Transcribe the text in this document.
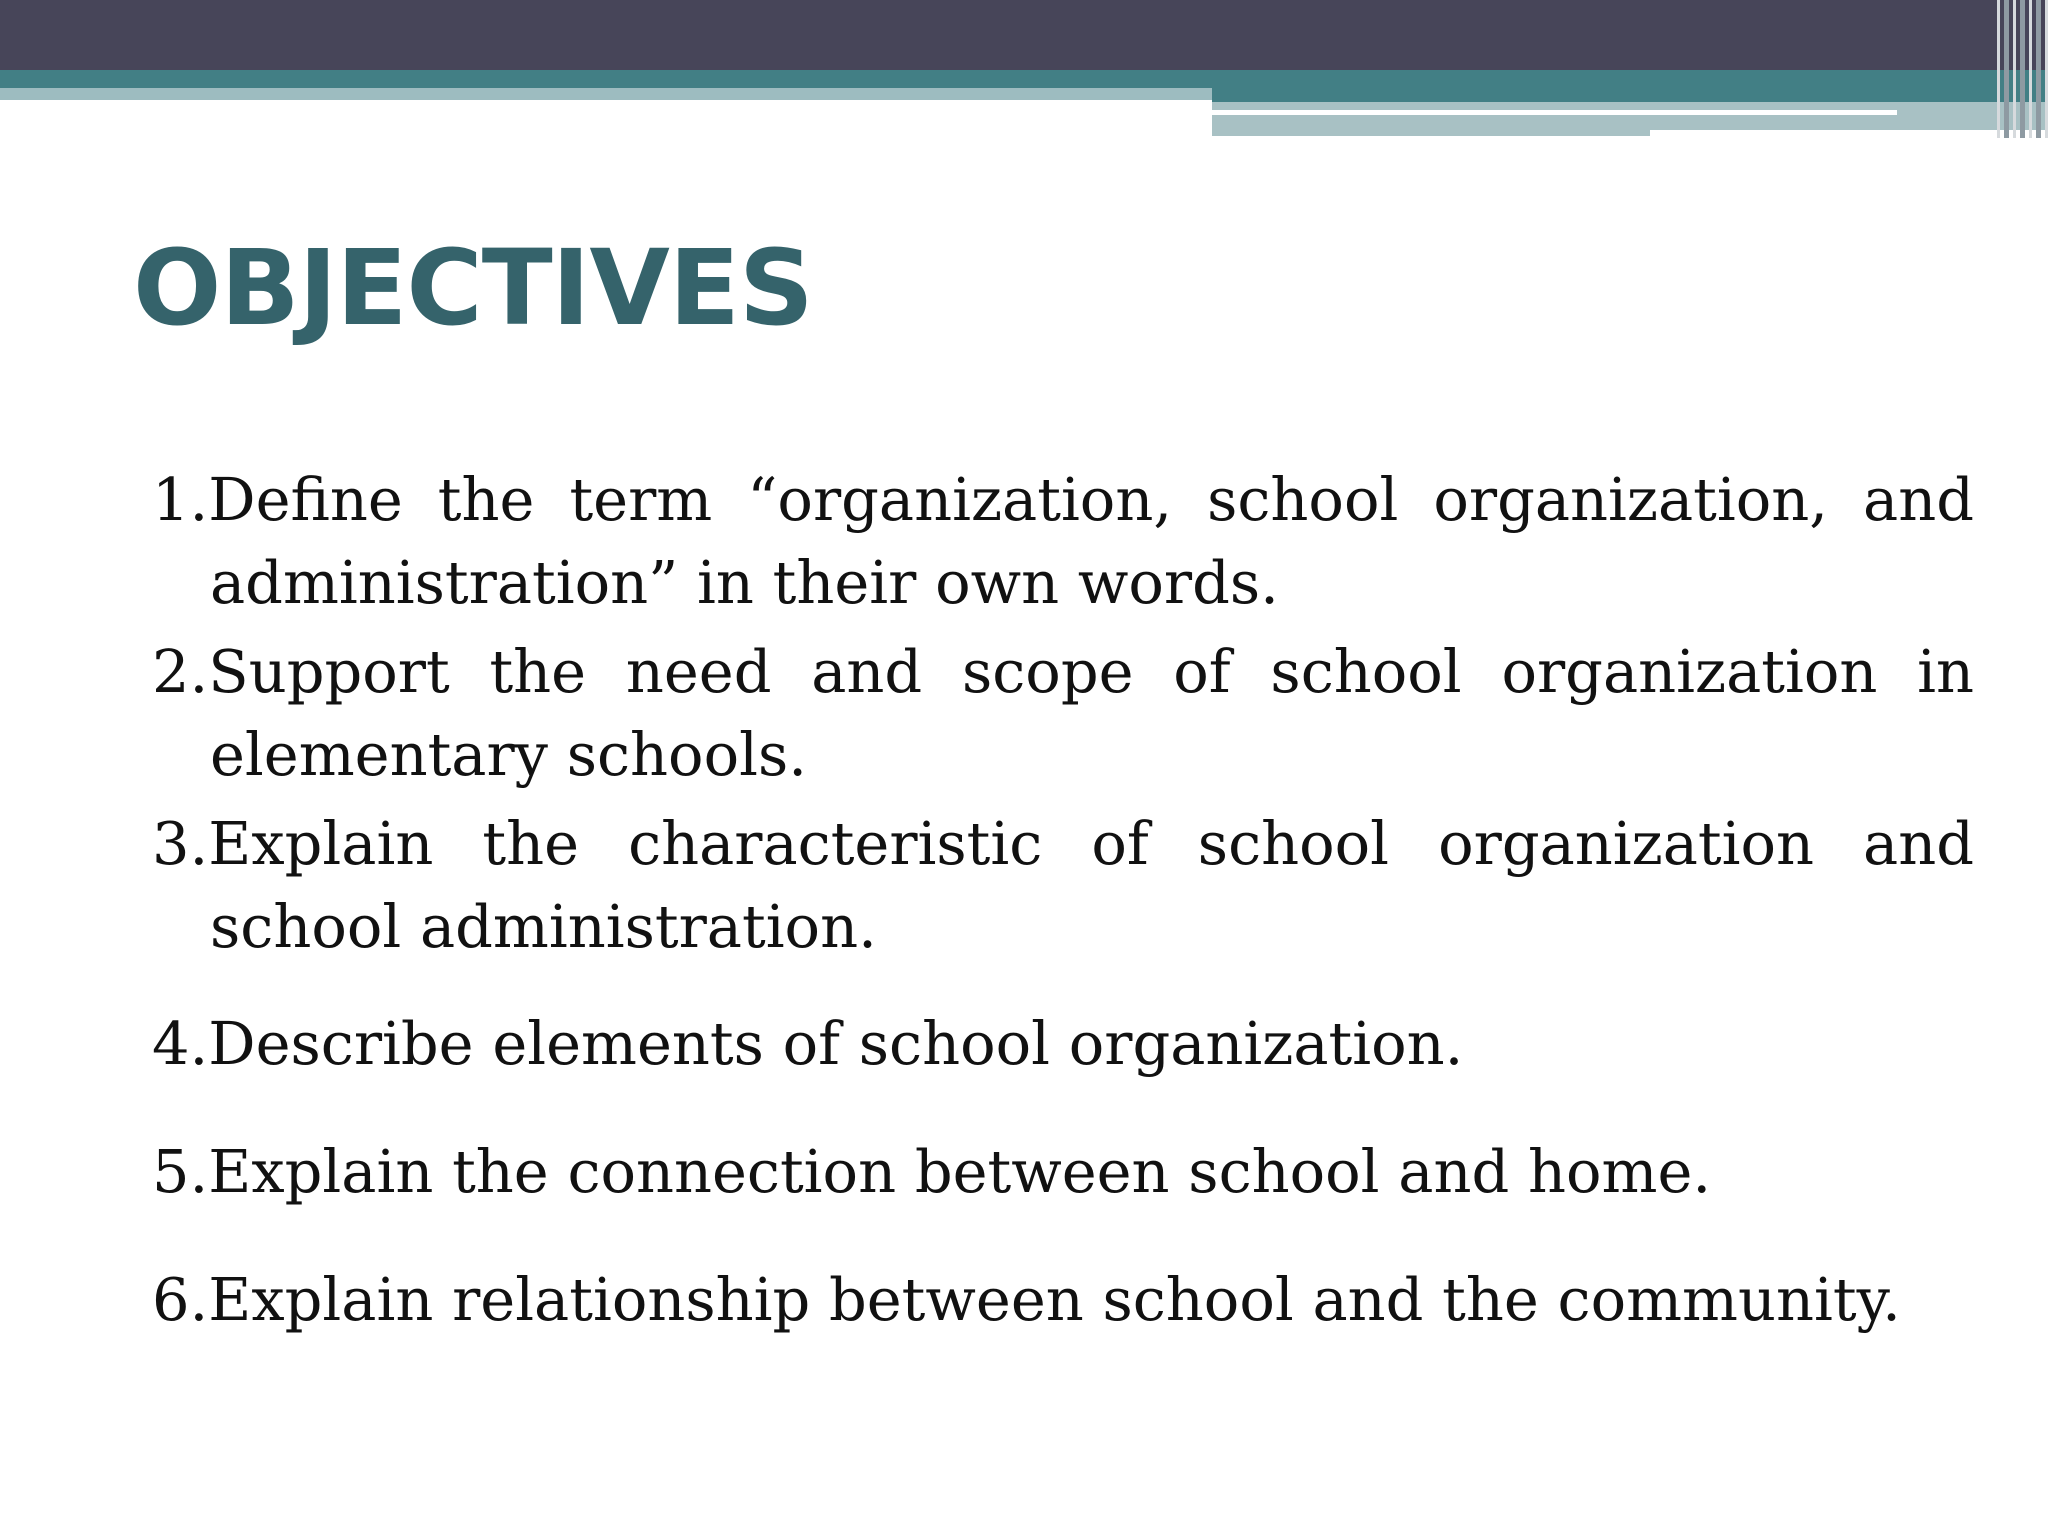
OBJECTIVES
1.Define the term “organization, school organization, and administration” in their own words.
2.Support the need and scope of school organization in elementary schools.
3.Explain the characteristic of school organization and school administration.
4.Describe elements of school organization.
5.Explain the connection between school and home.
6.Explain relationship between school and the community.
